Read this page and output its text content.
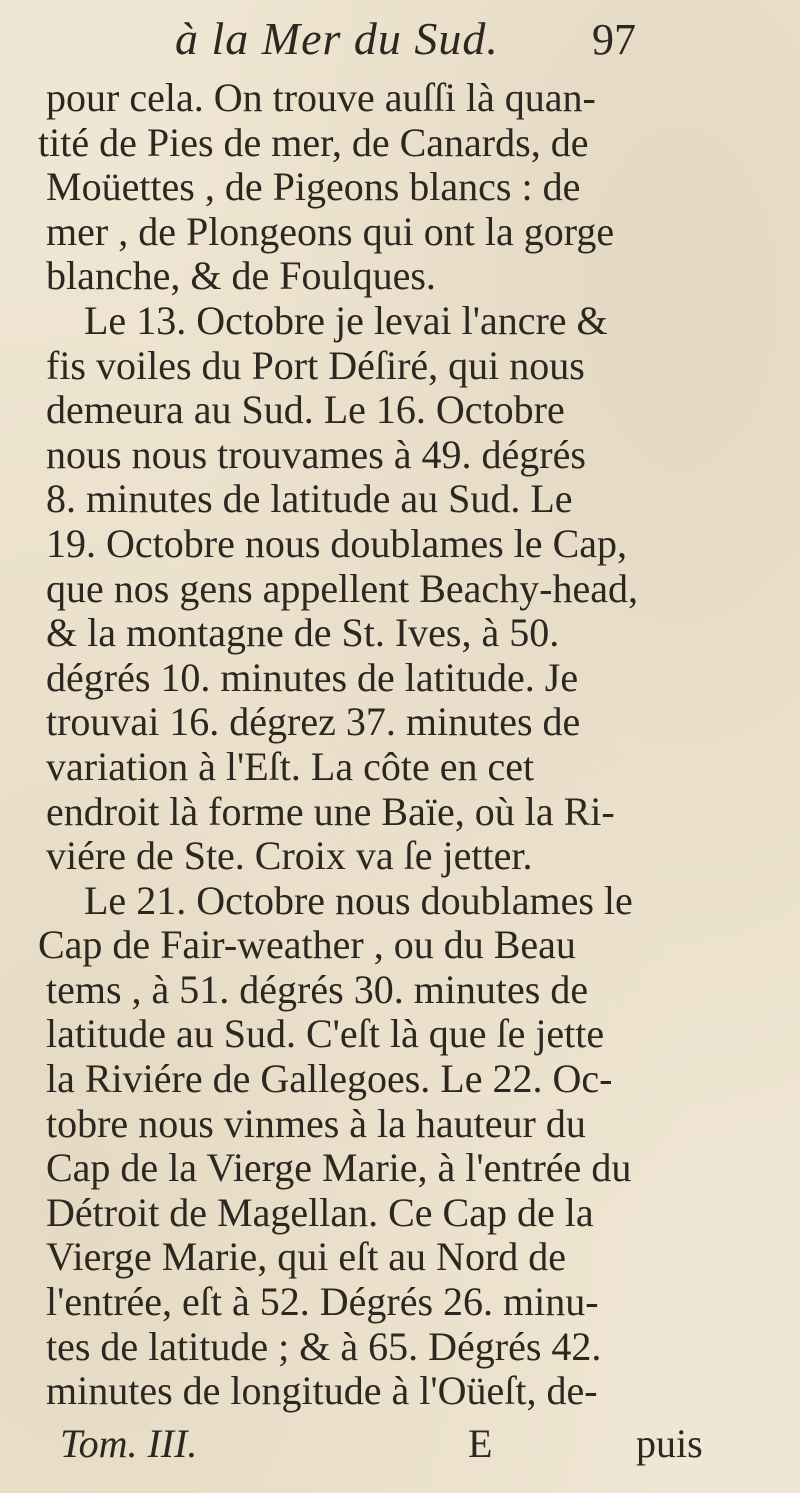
à la Mer du Sud. 97
pour cela. On trouve auſſi là quan-
tité de Pies de mer, de Canards, de
Moüettes , de Pigeons blancs : de
mer , de Plongeons qui ont la gorge
blanche, & de Foulques.
Le 13. Octobre je levai l'ancre &
fis voiles du Port Déſiré, qui nous
demeura au Sud. Le 16. Octobre
nous nous trouvames à 49. dégrés
8. minutes de latitude au Sud. Le
19. Octobre nous doublames le Cap,
que nos gens appellent Beachy-head,
& la montagne de St. Ives, à 50.
dégrés 10. minutes de latitude. Je
trouvai 16. dégrez 37. minutes de
variation à l'Eſt. La côte en cet
endroit là forme une Baïe, où la Ri-
viére de Ste. Croix va ſe jetter.
Le 21. Octobre nous doublames le
Cap de Fair-weather , ou du Beau
tems , à 51. dégrés 30. minutes de
latitude au Sud. C'eſt là que ſe jette
la Riviére de Gallegoes. Le 22. Oc-
tobre nous vinmes à la hauteur du
Cap de la Vierge Marie, à l'entrée du
Détroit de Magellan. Ce Cap de la
Vierge Marie, qui eſt au Nord de
l'entrée, eſt à 52. Dégrés 26. minu-
tes de latitude ; & à 65. Dégrés 42.
minutes de longitude à l'Oüeſt, de-
Tom. III.	E	puis
